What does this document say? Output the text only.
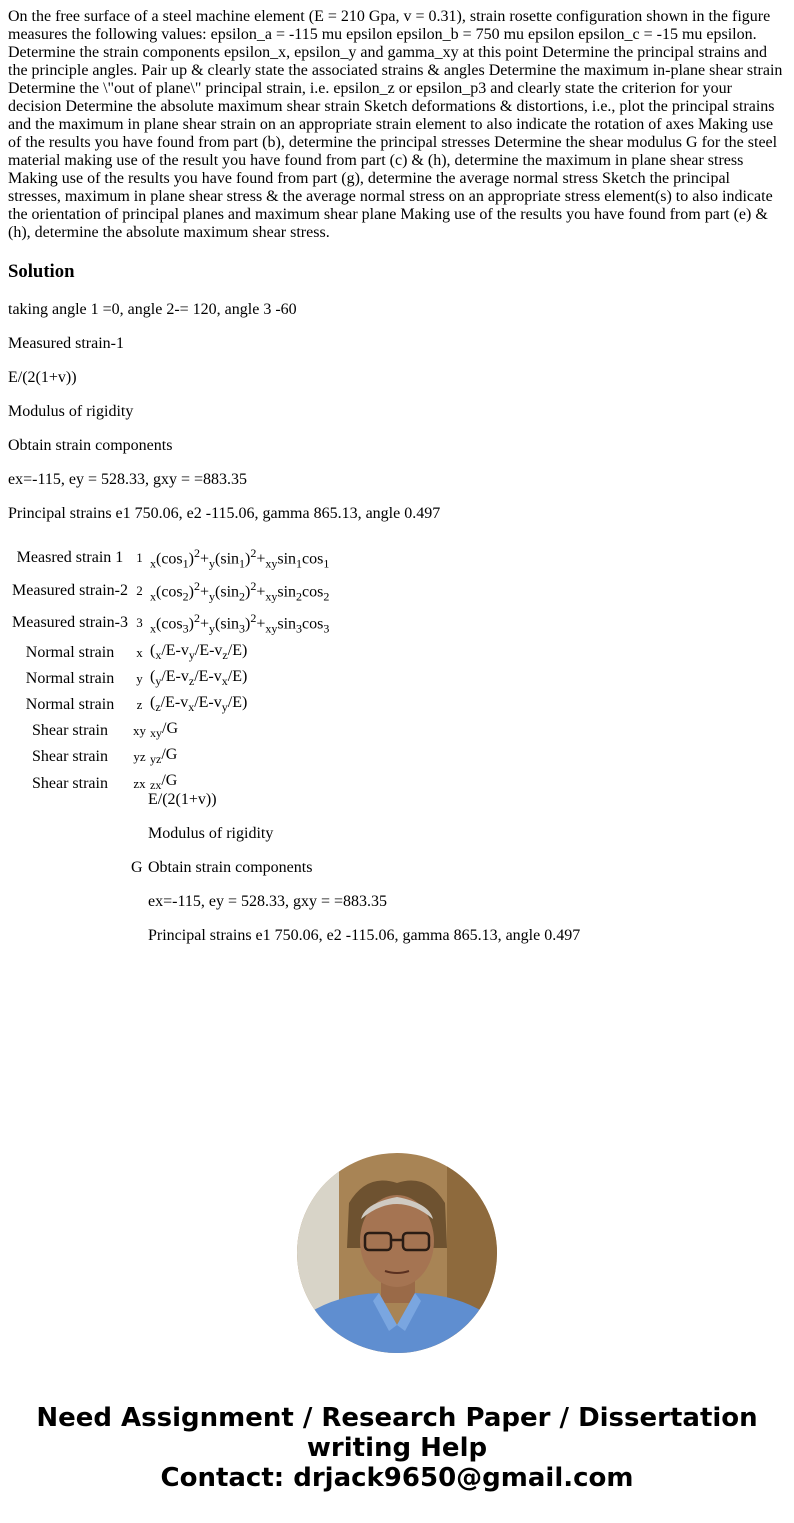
On the free surface of a steel machine element (E = 210 Gpa, v = 0.31), strain rosette configuration shown in the figure measures the following values: epsilon_a = -115 mu epsilon epsilon_b = 750 mu epsilon epsilon_c = -15 mu epsilon. Determine the strain components epsilon_x, epsilon_y and gamma_xy at this point Determine the principal strains and the principle angles. Pair up & clearly state the associated strains & angles Determine the maximum in-plane shear strain Determine the \"out of plane\" principal strain, i.e. epsilon_z or epsilon_p3 and clearly state the criterion for your decision Determine the absolute maximum shear strain Sketch deformations & distortions, i.e., plot the principal strains and the maximum in plane shear strain on an appropriate strain element to also indicate the rotation of axes Making use of the results you have found from part (b), determine the principal stresses Determine the shear modulus G for the steel material making use of the result you have found from part (c) & (h), determine the maximum in plane shear stress Making use of the results you have found from part (g), determine the average normal stress Sketch the principal stresses, maximum in plane shear stress & the average normal stress on an appropriate stress element(s) to also indicate the orientation of principal planes and maximum shear plane Making use of the results you have found from part (e) & (h), determine the absolute maximum shear stress.

Solution

taking angle 1 =0, angle 2-= 120, angle 3 -60

Measured strain-1

E/(2(1+v))

Modulus of rigidity

Obtain strain components

ex=-115, ey = 528.33, gxy = =883.35

Principal strains e1 750.06, e2 -115.06, gamma 865.13, angle 0.497

Measred strain 1	1	$_x(\cos_1)^2+_y(\sin_1)^2+_{xy}\sin_1\cos_1$
Measured strain-2	2	$_x(\cos_2)^2+_y(\sin_2)^2+_{xy}\sin_2\cos_2$
Measured strain-3	3	$_x(\cos_3)^2+_y(\sin_3)^2+_{xy}\sin_3\cos_3$
Normal strain	x	$(_x/E-v_y/E-v_z/E)$
Normal strain	y	$(_y/E-v_z/E-v_x/E)$
Normal strain	z	$(_z/E-v_x/E-v_y/E)$
Shear strain	xy	$_{xy}$/G
Shear strain	yz	$_{yz}$/G
Shear strain	zx	$_{zx}$/G
G

E/(2(1+v))

Modulus of rigidity

Obtain strain components

ex=-115, ey = 528.33, gxy = =883.35

Principal strains e1 750.06, e2 -115.06, gamma 865.13, angle 0.497

Need Assignment / Research Paper / Dissertation
writing Help
Contact: drjack9650@gmail.com
